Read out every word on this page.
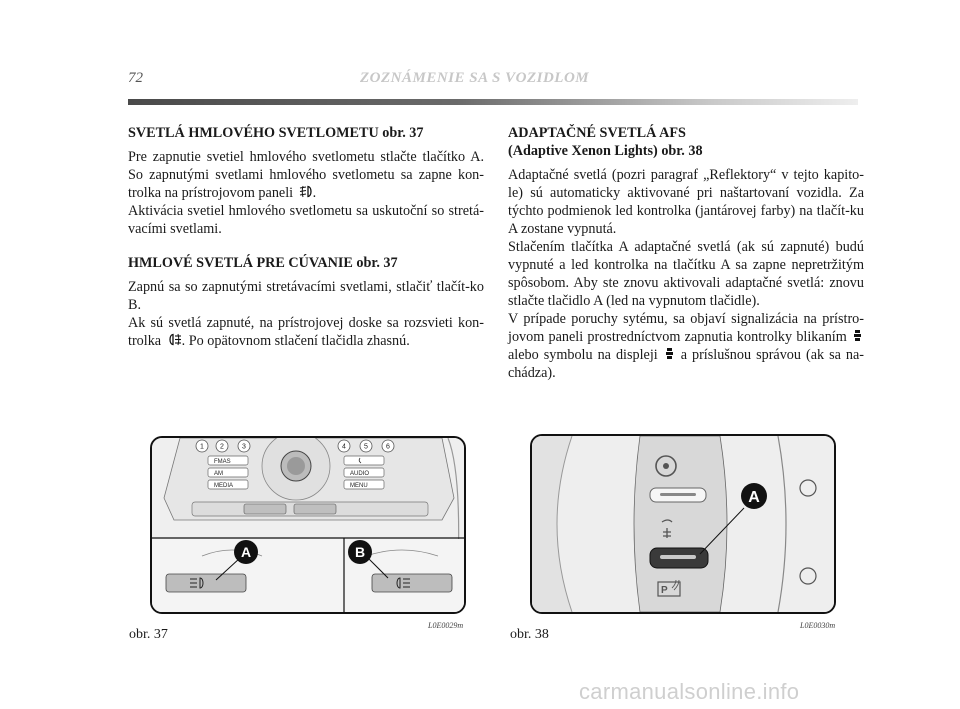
72	ZOZNÁMENIE SA S VOZIDLOM
SVETLÁ HMLOVÉHO SVETLOMETU obr. 37

Pre zapnutie svetiel hmlového svetlometu stlačte tlačítko A. So zapnutými svetlami hmlového svetlometu sa zapne kon-trolka na prístrojovom paneli .

Aktivácia svetiel hmlového svetlometu sa uskutoční so stretá-vacími svetlami.

HMLOVÉ SVETLÁ PRE CÚVANIE obr. 37

Zapnú sa so zapnutými stretávacími svetlami, stlačiť tlačít-ko B.

Ak sú svetlá zapnuté, na prístrojovej doske sa rozsvieti kon-trolka . Po opätovnom stlačení tlačidla zhasnú.

ADAPTAČNÉ SVETLÁ AFS
(Adaptive Xenon Lights) obr. 38

Adaptačné svetlá (pozri paragraf „Reflektory“ v tejto kapito-le) sú automaticky aktivované pri naštartovaní vozidla. Za týchto podmienok led kontrolka (jantárovej farby) na tlačít-ku A zostane vypnutá.

Stlačením tlačítka A adaptačné svetlá (ak sú zapnuté) budú vypnuté a led kontrolka na tlačítku A sa zapne nepretržitým spôsobom. Aby ste znovu aktivovali adaptačné svetlá: znovu stlačte tlačidlo A (led na vypnutom tlačidle).

V prípade poruchy sytému, sa objaví signalizácia na prístro-jovom paneli prostredníctvom zapnutia kontrolky blikaním  alebo symbolu na displeji a príslušnou správou (ak sa na-chádza).

1 2	3	4	5	6
FMAS
AM
MEDIA
AUDIO
MENU
A	B
obr. 37
L0E0029m
A
P
obr. 38
L0E0030m
carmanualsonline.info
